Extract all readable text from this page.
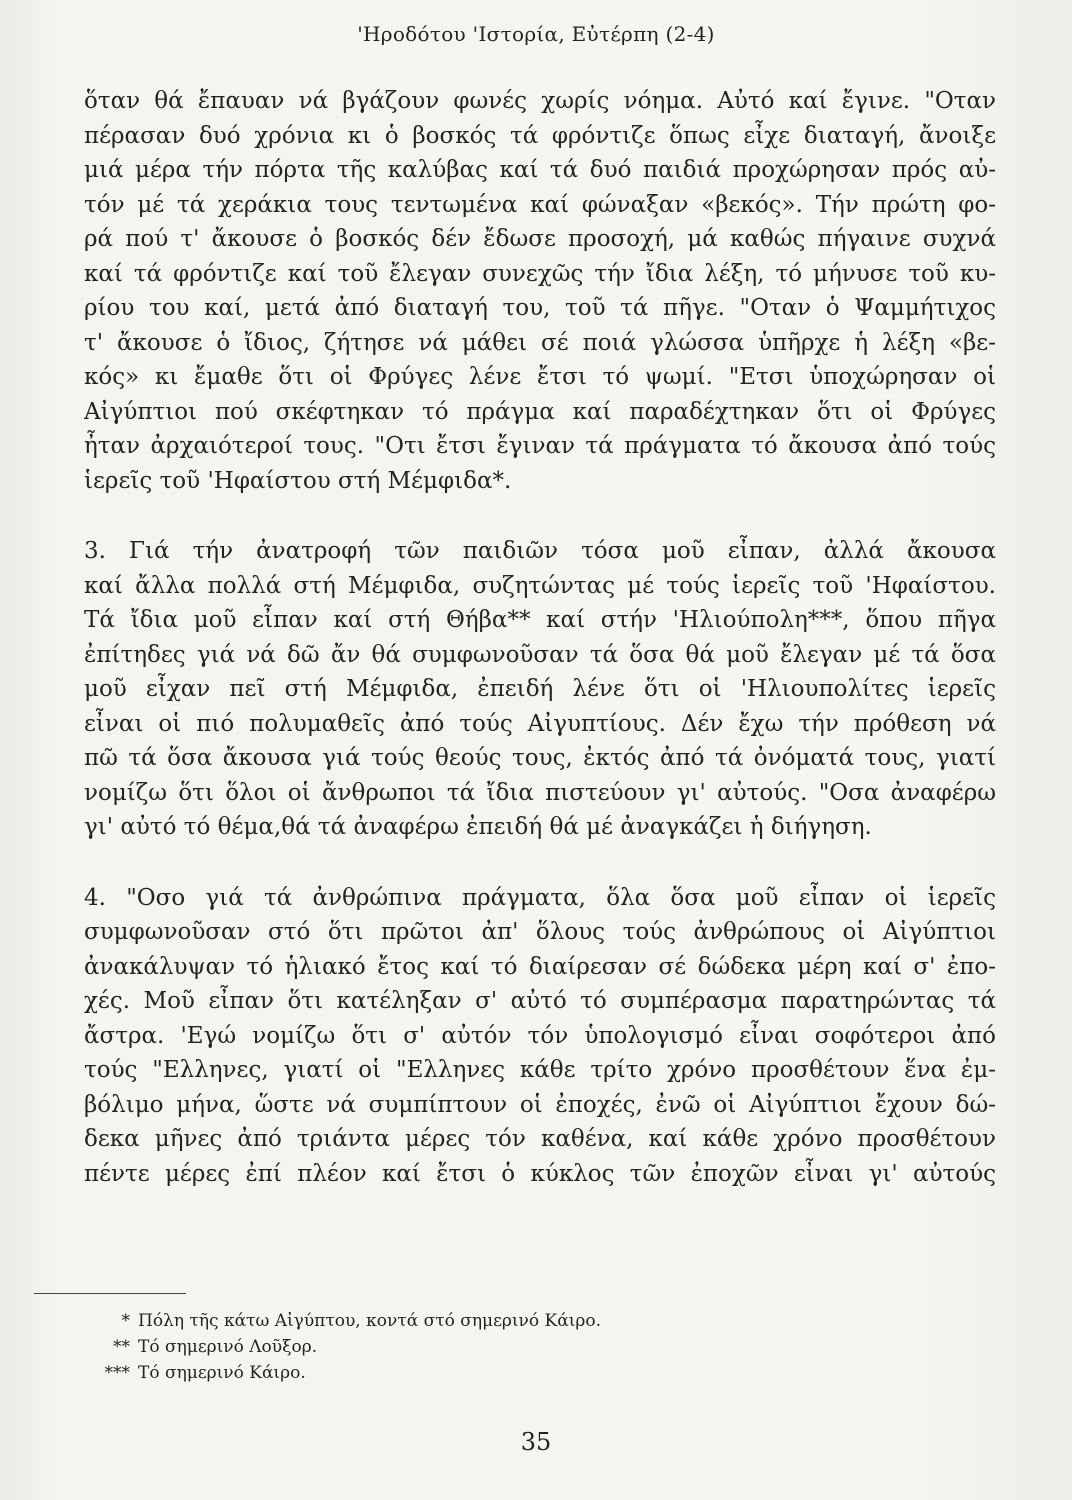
'Ηροδότου 'Ιστορία, Εὐτέρπη (2-4)
ὅταν θά ἔπαυαν νά βγάζουν φωνές χωρίς νόημα. Αὐτό καί ἔγινε. "Οταν
πέρασαν δυό χρόνια κι ὁ βοσκός τά φρόντιζε ὅπως εἶχε διαταγή, ἄνοιξε
μιά μέρα τήν πόρτα τῆς καλύβας καί τά δυό παιδιά προχώρησαν πρός αὐ-
τόν μέ τά χεράκια τους τεντωμένα καί φώναξαν «βεκός». Τήν πρώτη φο-
ρά πού τ' ἄκουσε ὁ βοσκός δέν ἔδωσε προσοχή, μά καθώς πήγαινε συχνά
καί τά φρόντιζε καί τοῦ ἔλεγαν συνεχῶς τήν ἴδια λέξη, τό μήνυσε τοῦ κυ-
ρίου του καί, μετά ἀπό διαταγή του, τοῦ τά πῆγε. "Οταν ὁ Ψαμμήτιχος
τ' ἄκουσε ὁ ἴδιος, ζήτησε νά μάθει σέ ποιά γλώσσα ὑπῆρχε ἡ λέξη «βε-
κός» κι ἔμαθε ὅτι οἱ Φρύγες λένε ἔτσι τό ψωμί. "Ετσι ὑποχώρησαν οἱ
Αἰγύπτιοι πού σκέφτηκαν τό πράγμα καί παραδέχτηκαν ὅτι οἱ Φρύγες
ἦταν ἀρχαιότεροί τους. "Οτι ἔτσι ἔγιναν τά πράγματα τό ἄκουσα ἀπό τούς
ἱερεῖς τοῦ 'Ηφαίστου στή Μέμφιδα*.
3. Γιά τήν ἀνατροφή τῶν παιδιῶν τόσα μοῦ εἶπαν, ἀλλά ἄκουσα
καί ἄλλα πολλά στή Μέμφιδα, συζητώντας μέ τούς ἱερεῖς τοῦ 'Ηφαίστου.
Τά ἴδια μοῦ εἶπαν καί στή Θήβα** καί στήν 'Ηλιούπολη***, ὅπου πῆγα
ἐπίτηδες γιά νά δῶ ἄν θά συμφωνοῦσαν τά ὅσα θά μοῦ ἔλεγαν μέ τά ὅσα
μοῦ εἶχαν πεῖ στή Μέμφιδα, ἐπειδή λένε ὅτι οἱ 'Ηλιουπολίτες ἱερεῖς
εἶναι οἱ πιό πολυμαθεῖς ἀπό τούς Αἰγυπτίους. Δέν ἔχω τήν πρόθεση νά
πῶ τά ὅσα ἄκουσα γιά τούς θεούς τους, ἐκτός ἀπό τά ὀνόματά τους, γιατί
νομίζω ὅτι ὅλοι οἱ ἄνθρωποι τά ἴδια πιστεύουν γι' αὐτούς. "Οσα ἀναφέρω
γι' αὐτό τό θέμα,θά τά ἀναφέρω ἐπειδή θά μέ ἀναγκάζει ἡ διήγηση.
4. "Οσο γιά τά ἀνθρώπινα πράγματα, ὅλα ὅσα μοῦ εἶπαν οἱ ἱερεῖς
συμφωνοῦσαν στό ὅτι πρῶτοι ἀπ' ὅλους τούς ἀνθρώπους οἱ Αἰγύπτιοι
ἀνακάλυψαν τό ἡλιακό ἔτος καί τό διαίρεσαν σέ δώδεκα μέρη καί σ' ἐπο-
χές. Μοῦ εἶπαν ὅτι κατέληξαν σ' αὐτό τό συμπέρασμα παρατηρώντας τά
ἄστρα. 'Εγώ νομίζω ὅτι σ' αὐτόν τόν ὑπολογισμό εἶναι σοφότεροι ἀπό
τούς "Ελληνες, γιατί οἱ "Ελληνες κάθε τρίτο χρόνο προσθέτουν ἕνα ἐμ-
βόλιμο μήνα, ὥστε νά συμπίπτουν οἱ ἐποχές, ἐνῶ οἱ Αἰγύπτιοι ἔχουν δώ-
δεκα μῆνες ἀπό τριάντα μέρες τόν καθένα, καί κάθε χρόνο προσθέτουν
πέντε μέρες ἐπί πλέον καί ἔτσι ὁ κύκλος τῶν ἐποχῶν εἶναι γι' αὐτούς
* Πόλη τῆς κάτω Αἰγύπτου, κοντά στό σημερινό Κάιρο.
** Τό σημερινό Λοῦξορ.
*** Τό σημερινό Κάιρο.
35
